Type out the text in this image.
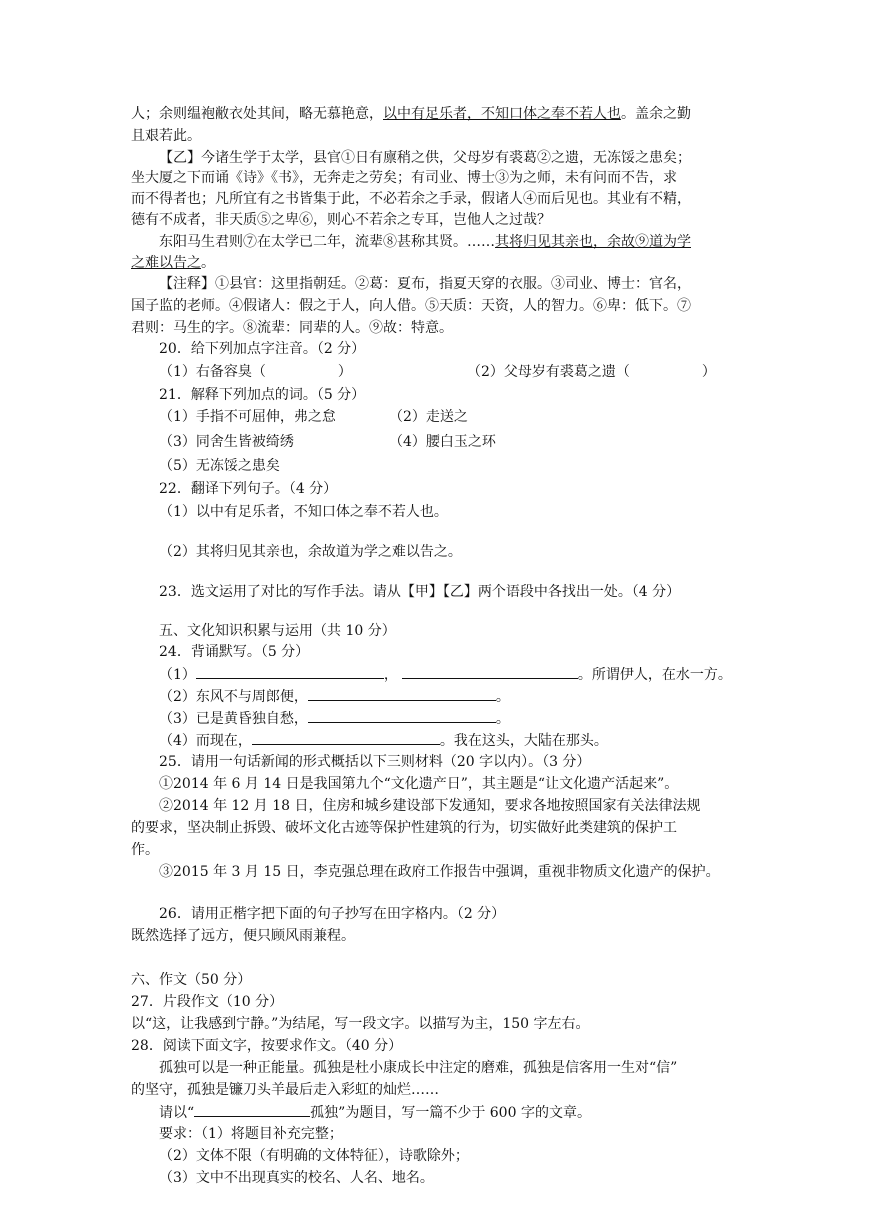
人；余则缊袍敝衣处其间，略无慕艳意，以中有足乐者，不知口体之奉不若人也。盖余之勤
且艰若此。
【乙】今诸生学于太学，县官①日有廪稍之供，父母岁有裘葛②之遗，无冻馁之患矣；
坐大厦之下而诵《诗》《书》，无奔走之劳矣；有司业、博士③为之师，未有问而不告，求
而不得者也；凡所宜有之书皆集于此，不必若余之手录，假诸人④而后见也。其业有不精，
德有不成者，非天质⑤之卑⑥，则心不若余之专耳，岂他人之过哉？
东阳马生君则⑦在太学已二年，流辈⑧甚称其贤。……其将归见其亲也，余故⑨道为学
之难以告之。
【注释】①县官：这里指朝廷。②葛：夏布，指夏天穿的衣服。③司业、博士：官名，
国子监的老师。④假诸人：假之于人，向人借。⑤天质：天资，人的智力。⑥卑：低下。⑦
君则：马生的字。⑧流辈：同辈的人。⑨故：特意。
20．给下列加点字注音。（2 分）
（1）右备容臭（	）	（2）父母岁有裘葛之遗（	）
21．解释下列加点的词。（5 分）
（1）手指不可屈伸，弗之怠	（2）走送之
（3）同舍生皆被绮绣	（4）腰白玉之环
（5）无冻馁之患矣
22．翻译下列句子。（4 分）
（1）以中有足乐者，不知口体之奉不若人也。
（2）其将归见其亲也，余故道为学之难以告之。
23．选文运用了对比的写作手法。请从【甲】【乙】两个语段中各找出一处。（4 分）
五、文化知识积累与运用（共 10 分）
24．背诵默写。（5 分）
（1）	，	。所谓伊人，在水一方。
（2）东风不与周郎便，	。
（3）已是黄昏独自愁，	。
（4）而现在，	。我在这头，大陆在那头。
25．请用一句话新闻的形式概括以下三则材料（20 字以内）。（3 分）
①2014 年 6 月 14 日是我国第九个“文化遗产日”，其主题是“让文化遗产活起来”。
②2014 年 12 月 18 日，住房和城乡建设部下发通知，要求各地按照国家有关法律法规
的要求，坚决制止拆毁、破坏文化古迹等保护性建筑的行为，切实做好此类建筑的保护工
作。
③2015 年 3 月 15 日，李克强总理在政府工作报告中强调，重视非物质文化遗产的保护。
26．请用正楷字把下面的句子抄写在田字格内。（2 分）
既然选择了远方，便只顾风雨兼程。
六、作文（50 分）
27．片段作文（10 分）
以“这，让我感到宁静。”为结尾，写一段文字。以描写为主，150 字左右。
28．阅读下面文字，按要求作文。（40 分）
孤独可以是一种正能量。孤独是杜小康成长中注定的磨难，孤独是信客用一生对“信”
的坚守，孤独是镰刀头羊最后走入彩虹的灿烂……
请以“	孤独”为题目，写一篇不少于 600 字的文章。
要求：（1）将题目补充完整；
（2）文体不限（有明确的文体特征），诗歌除外；
（3）文中不出现真实的校名、人名、地名。
